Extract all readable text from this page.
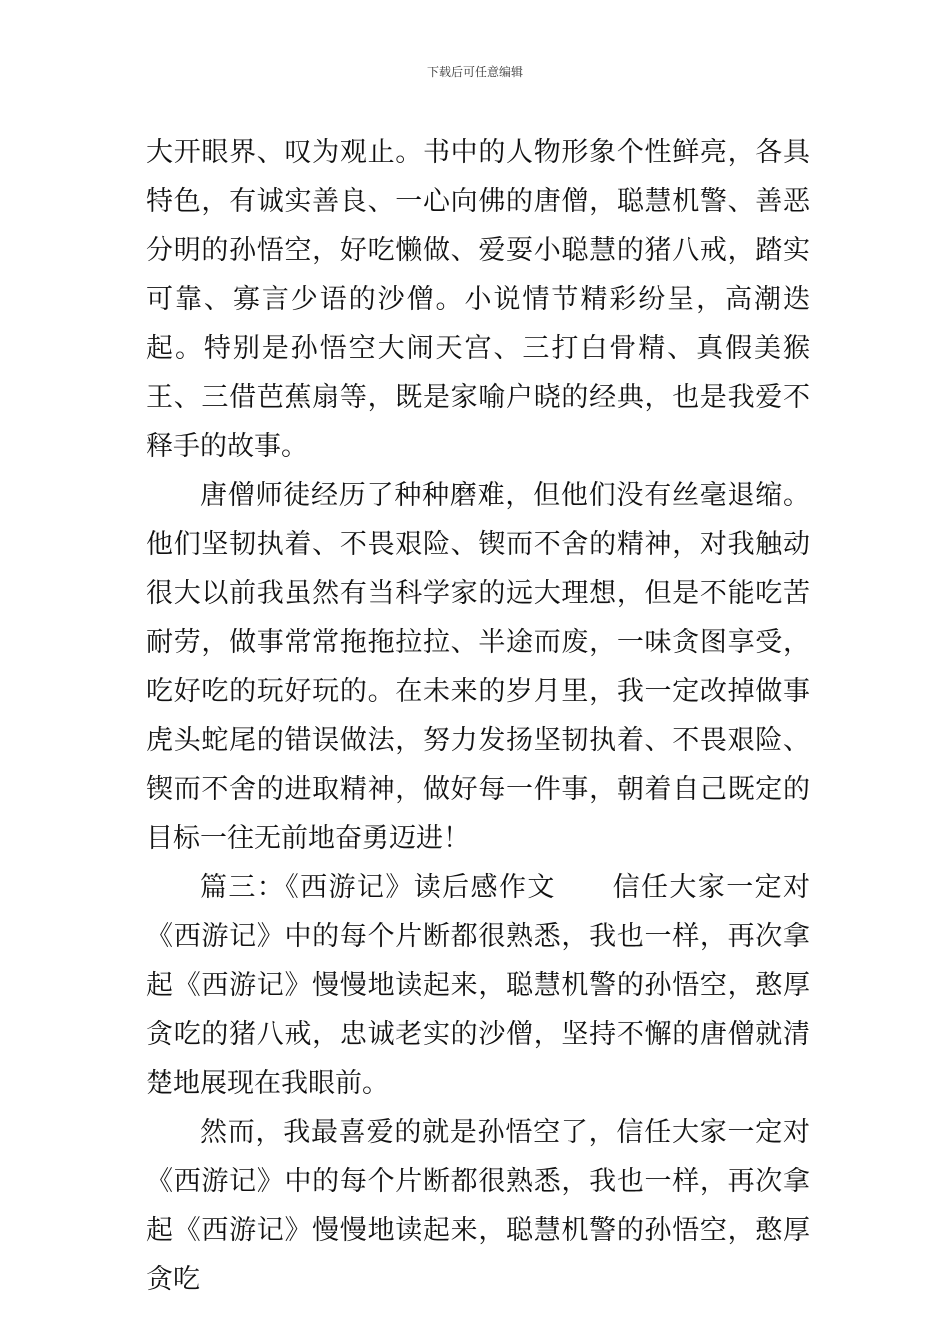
下载后可任意编辑

大开眼界、叹为观止。书中的人物形象个性鲜亮，各具特色，有诚实善良、一心向佛的唐僧，聪慧机警、善恶分明的孙悟空，好吃懒做、爱耍小聪慧的猪八戒，踏实可靠、寡言少语的沙僧。小说情节精彩纷呈，高潮迭起。特别是孙悟空大闹天宫、三打白骨精、真假美猴王、三借芭蕉扇等，既是家喻户晓的经典，也是我爱不释手的故事。

唐僧师徒经历了种种磨难，但他们没有丝毫退缩。他们坚韧执着、不畏艰险、锲而不舍的精神，对我触动很大以前我虽然有当科学家的远大理想，但是不能吃苦耐劳，做事常常拖拖拉拉、半途而废，一味贪图享受，吃好吃的玩好玩的。在未来的岁月里，我一定改掉做事虎头蛇尾的错误做法，努力发扬坚韧执着、不畏艰险、锲而不舍的进取精神，做好每一件事，朝着自己既定的目标一往无前地奋勇迈进！

篇三：《西游记》读后感作文　　信任大家一定对《西游记》中的每个片断都很熟悉，我也一样，再次拿起《西游记》慢慢地读起来，聪慧机警的孙悟空，憨厚贪吃的猪八戒，忠诚老实的沙僧，坚持不懈的唐僧就清楚地展现在我眼前。

然而，我最喜爱的就是孙悟空了，信任大家一定对《西游记》中的每个片断都很熟悉，我也一样，再次拿起《西游记》慢慢地读起来，聪慧机警的孙悟空，憨厚贪吃
